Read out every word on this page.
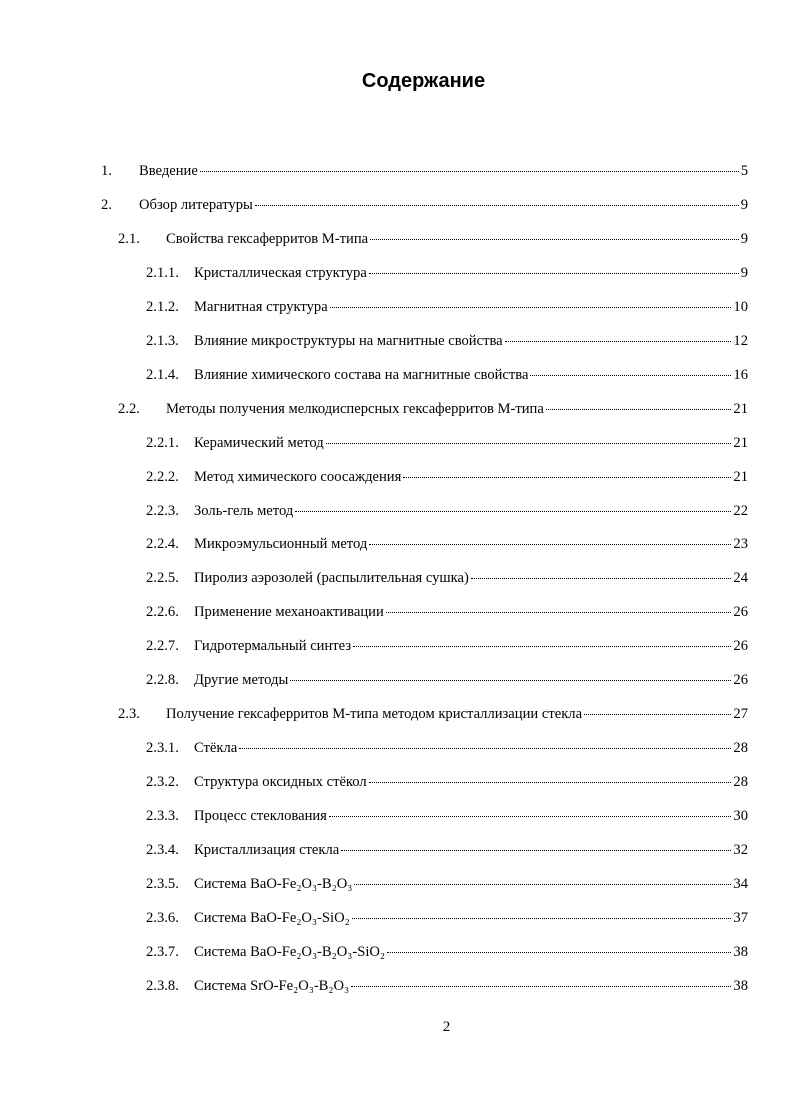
Содержание
1.	Введение	5
2.	Обзор литературы	9
2.1.	Свойства гексаферритов М-типа	9
2.1.1.	Кристаллическая структура	9
2.1.2.	Магнитная структура	10
2.1.3.	Влияние микроструктуры на магнитные свойства	12
2.1.4.	Влияние химического состава на магнитные свойства	16
2.2.	Методы получения мелкодисперсных гексаферритов М-типа	21
2.2.1.	Керамический метод	21
2.2.2.	Метод химического соосаждения	21
2.2.3.	Золь-гель метод	22
2.2.4.	Микроэмульсионный метод	23
2.2.5.	Пиролиз аэрозолей (распылительная сушка)	24
2.2.6.	Применение механоактивации	26
2.2.7.	Гидротермальный синтез	26
2.2.8.	Другие методы	26
2.3.	Получение гексаферритов М-типа методом кристаллизации стекла	27
2.3.1.	Стёкла	28
2.3.2.	Структура оксидных стёкол	28
2.3.3.	Процесс стеклования	30
2.3.4.	Кристаллизация стекла	32
2.3.5.	Система BaO-Fe₂O₃-B₂O₃	34
2.3.6.	Система BaO-Fe₂O₃-SiO₂	37
2.3.7.	Система BaO-Fe₂O₃-B₂O₃-SiO₂	38
2.3.8.	Система SrO-Fe₂O₃-B₂O₃	38
2
